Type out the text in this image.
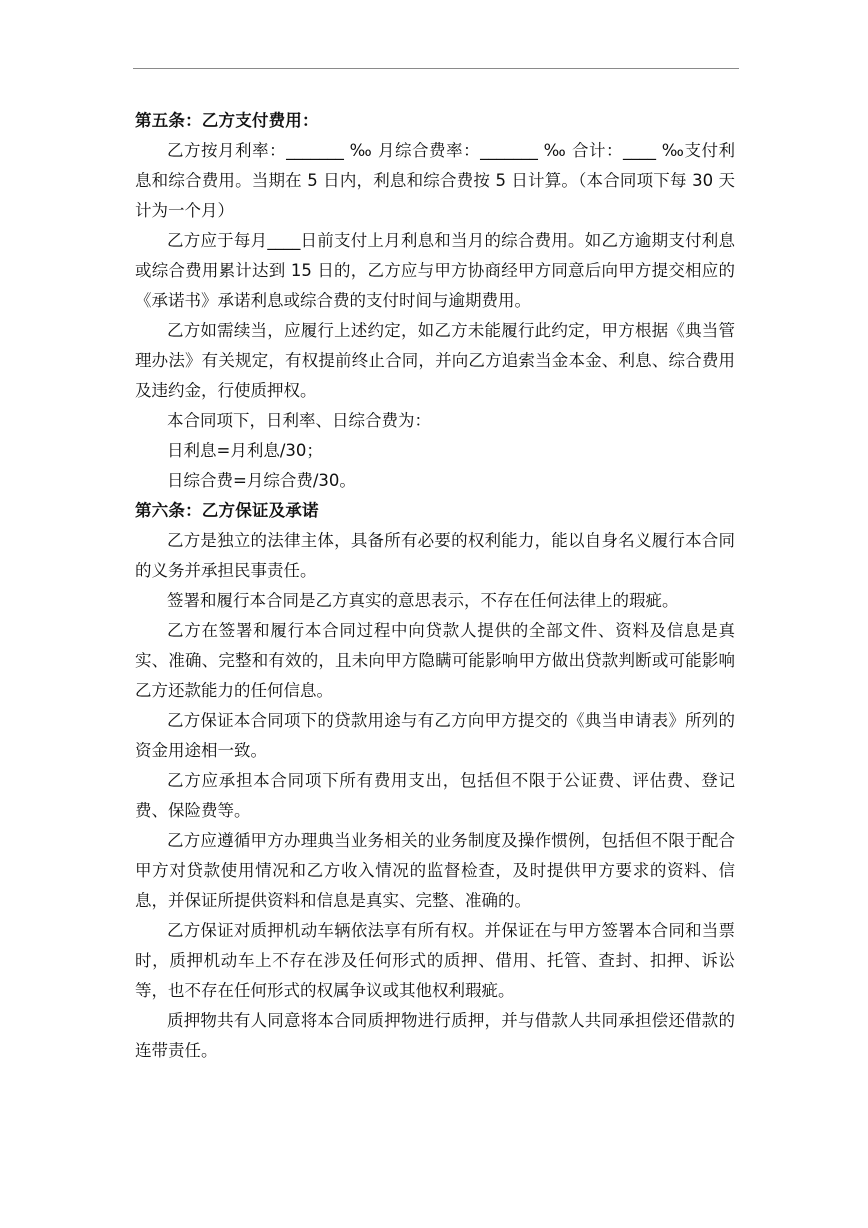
第五条：乙方支付费用：

乙方按月利率：_______ ‰ 月综合费率：_______ ‰ 合计：____ ‰支付利息和综合费用。当期在 5 日内，利息和综合费按 5 日计算。（本合同项下每 30 天计为一个月）

乙方应于每月____日前支付上月利息和当月的综合费用。如乙方逾期支付利息或综合费用累计达到 15 日的，乙方应与甲方协商经甲方同意后向甲方提交相应的《承诺书》承诺利息或综合费的支付时间与逾期费用。

乙方如需续当，应履行上述约定，如乙方未能履行此约定，甲方根据《典当管理办法》有关规定，有权提前终止合同，并向乙方追索当金本金、利息、综合费用及违约金，行使质押权。

本合同项下，日利率、日综合费为：

日利息=月利息/30；

日综合费=月综合费/30。

第六条：乙方保证及承诺

乙方是独立的法律主体，具备所有必要的权利能力，能以自身名义履行本合同的义务并承担民事责任。

签署和履行本合同是乙方真实的意思表示，不存在任何法律上的瑕疵。

乙方在签署和履行本合同过程中向贷款人提供的全部文件、资料及信息是真实、准确、完整和有效的，且未向甲方隐瞒可能影响甲方做出贷款判断或可能影响乙方还款能力的任何信息。

乙方保证本合同项下的贷款用途与有乙方向甲方提交的《典当申请表》所列的资金用途相一致。

乙方应承担本合同项下所有费用支出，包括但不限于公证费、评估费、登记费、保险费等。

乙方应遵循甲方办理典当业务相关的业务制度及操作惯例，包括但不限于配合甲方对贷款使用情况和乙方收入情况的监督检查，及时提供甲方要求的资料、信息，并保证所提供资料和信息是真实、完整、准确的。

乙方保证对质押机动车辆依法享有所有权。并保证在与甲方签署本合同和当票时，质押机动车上不存在涉及任何形式的质押、借用、托管、查封、扣押、诉讼等，也不存在任何形式的权属争议或其他权利瑕疵。

质押物共有人同意将本合同质押物进行质押，并与借款人共同承担偿还借款的连带责任。
